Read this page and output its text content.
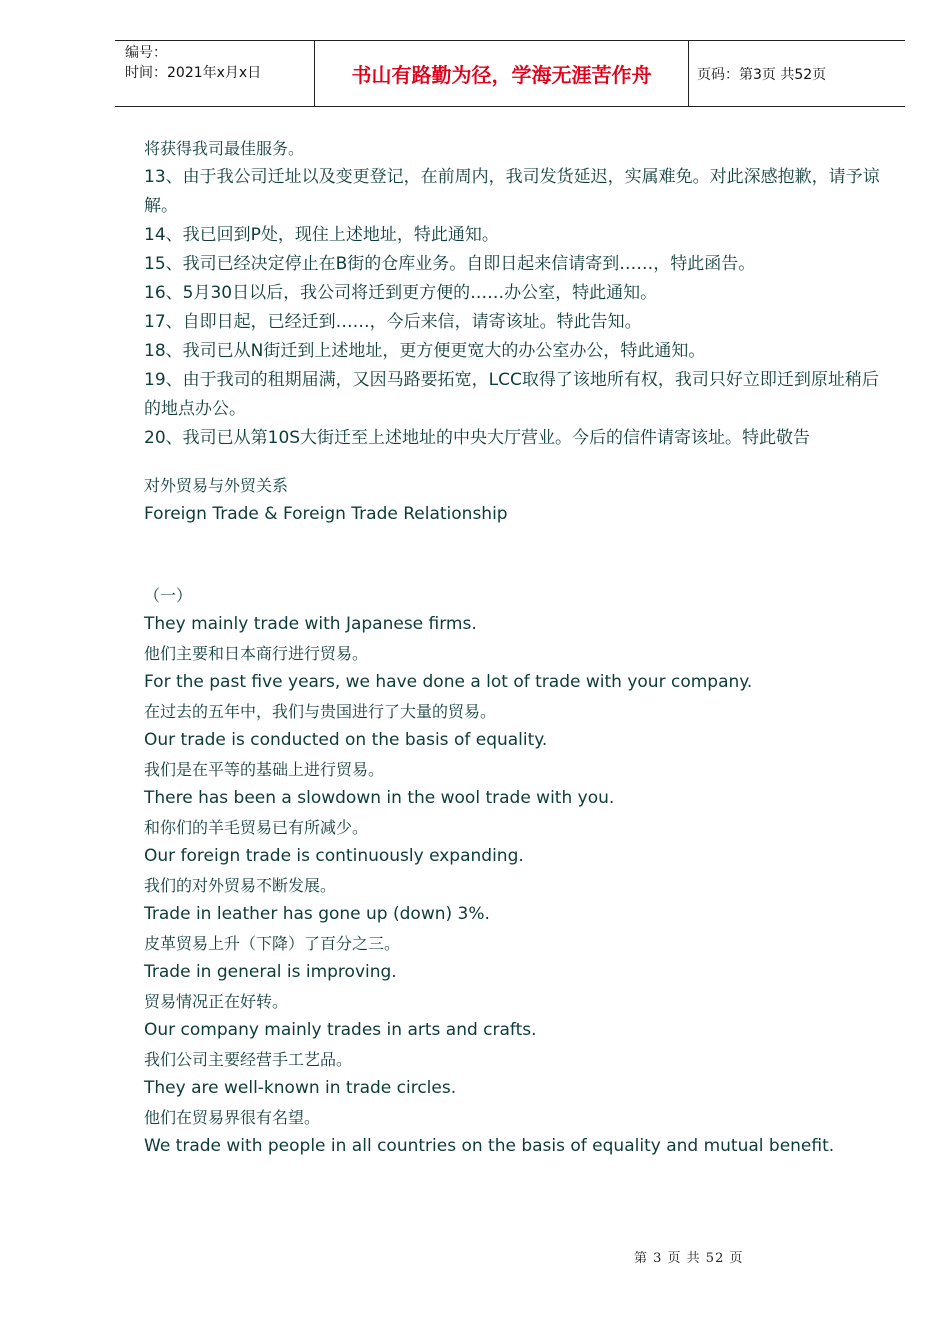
编号：
时间：2021年x月x日	书山有路勤为径，学海无涯苦作舟	页码：第3页 共52页

将获得我司最佳服务。

13、由于我公司迁址以及变更登记，在前周内，我司发货延迟，实属难免。对此深感抱歉，请予谅解。

14、我已回到P处，现住上述地址，特此通知。

15、我司已经决定停止在B街的仓库业务。自即日起来信请寄到……，特此函告。

16、5月30日以后，我公司将迁到更方便的……办公室，特此通知。

17、自即日起，已经迁到……，今后来信，请寄该址。特此告知。

18、我司已从N街迁到上述地址，更方便更宽大的办公室办公，特此通知。

19、由于我司的租期届满，又因马路要拓宽，LCC取得了该地所有权，我司只好立即迁到原址稍后的地点办公。

20、我司已从第10S大街迁至上述地址的中央大厅营业。今后的信件请寄该址。特此敬告

对外贸易与外贸关系

Foreign Trade & Foreign Trade Relationship

（一）

They mainly trade with Japanese firms.

他们主要和日本商行进行贸易。

For the past five years, we have done a lot of trade with your company.

在过去的五年中，我们与贵国进行了大量的贸易。

Our trade is conducted on the basis of equality.

我们是在平等的基础上进行贸易。

There has been a slowdown in the wool trade with you.

和你们的羊毛贸易已有所减少。

Our foreign trade is continuously expanding.

我们的对外贸易不断发展。

Trade in leather has gone up (down) 3%.

皮革贸易上升（下降）了百分之三。

Trade in general is improving.

贸易情况正在好转。

Our company mainly trades in arts and crafts.

我们公司主要经营手工艺品。

They are well-known in trade circles.

他们在贸易界很有名望。

We trade with people in all countries on the basis of equality and mutual benefit.

第 3 页 共 52 页
